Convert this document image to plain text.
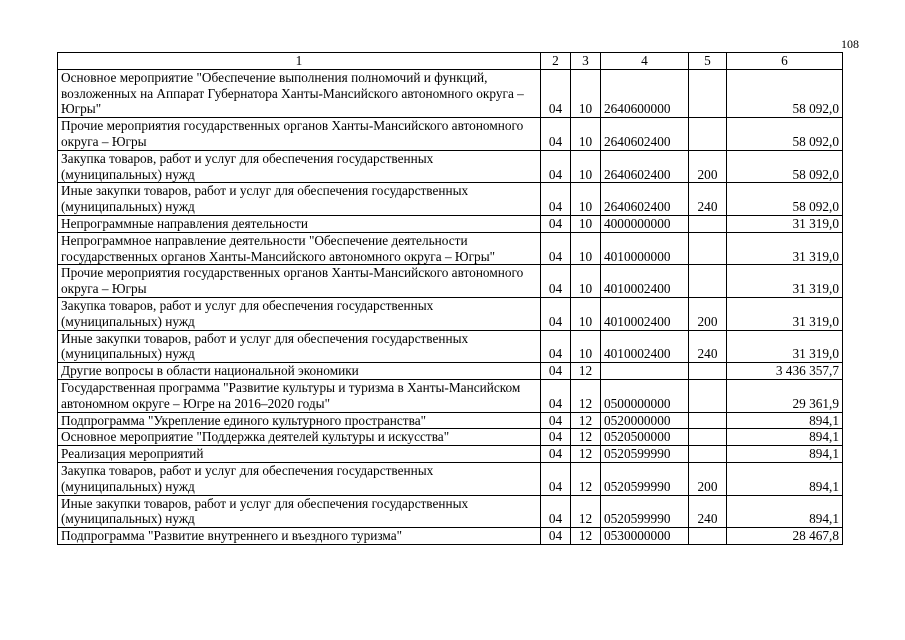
108
1	2	3	4	5	6
Основное мероприятие "Обеспечение выполнения полномочий и функций, возложенных на Аппарат Губернатора Ханты-Мансийского автономного округа – Югры"	04	10	2640600000		58 092,0
Прочие мероприятия государственных органов Ханты-Мансийского автономного округа – Югры	04	10	2640602400		58 092,0
Закупка товаров, работ и услуг для обеспечения государственных (муниципальных) нужд	04	10	2640602400	200	58 092,0
Иные закупки товаров, работ и услуг для обеспечения государственных (муниципальных) нужд	04	10	2640602400	240	58 092,0
Непрограммные направления деятельности	04	10	4000000000		31 319,0
Непрограммное направление деятельности "Обеспечение деятельности государственных органов Ханты-Мансийского автономного округа – Югры"	04	10	4010000000		31 319,0
Прочие мероприятия государственных органов Ханты-Мансийского автономного округа – Югры	04	10	4010002400		31 319,0
Закупка товаров, работ и услуг для обеспечения государственных (муниципальных) нужд	04	10	4010002400	200	31 319,0
Иные закупки товаров, работ и услуг для обеспечения государственных (муниципальных) нужд	04	10	4010002400	240	31 319,0
Другие вопросы в области национальной экономики	04	12			3 436 357,7
Государственная программа "Развитие культуры и туризма в Ханты-Мансийском автономном округе – Югре на 2016–2020 годы"	04	12	0500000000		29 361,9
Подпрограмма "Укрепление единого культурного пространства"	04	12	0520000000		894,1
Основное мероприятие "Поддержка деятелей культуры и искусства"	04	12	0520500000		894,1
Реализация мероприятий	04	12	0520599990		894,1
Закупка товаров, работ и услуг для обеспечения государственных (муниципальных) нужд	04	12	0520599990	200	894,1
Иные закупки товаров, работ и услуг для обеспечения государственных (муниципальных) нужд	04	12	0520599990	240	894,1
Подпрограмма "Развитие внутреннего и въездного туризма"	04	12	0530000000		28 467,8
